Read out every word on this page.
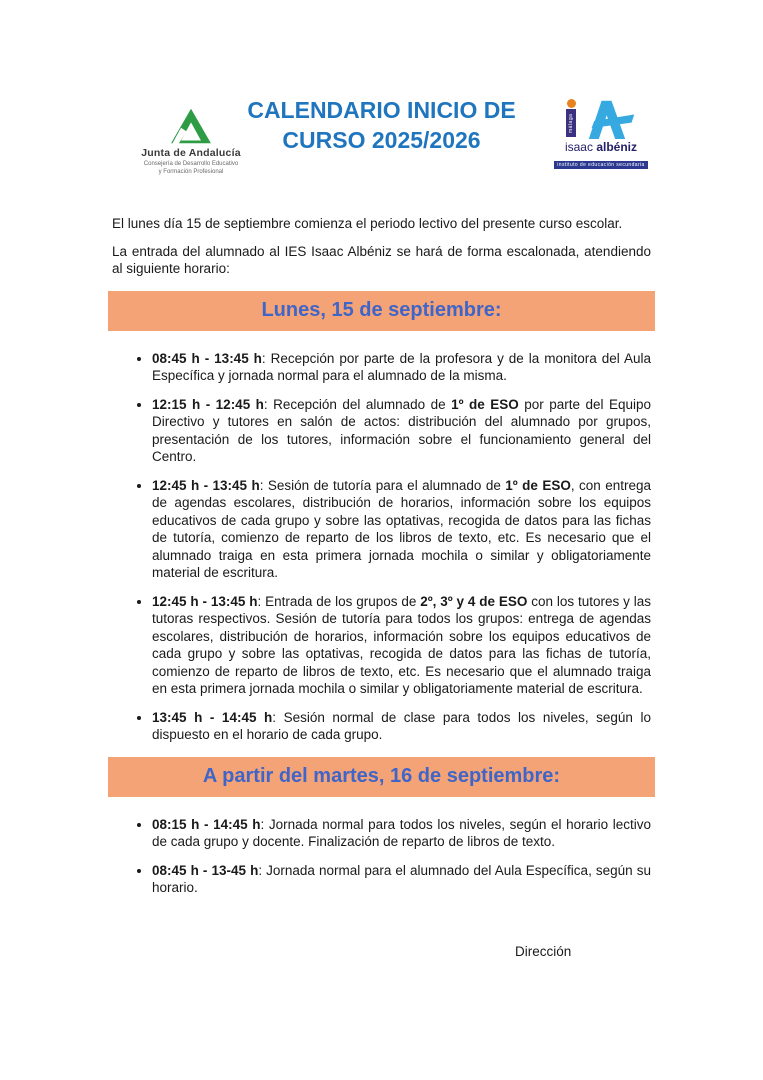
Junta de Andalucía
Consejería de Desarrollo Educativo
y Formación Profesional
CALENDARIO INICIO DE
CURSO 2025/2026
málaga
isaac albéniz
instituto de educación secundaria

El lunes día 15 de septiembre comienza el periodo lectivo del presente curso escolar.

La entrada del alumnado al IES Isaac Albéniz se hará de forma escalonada, atendiendo al siguiente horario:

Lunes, 15 de septiembre:
• 08:45 h - 13:45 h: Recepción por parte de la profesora y de la monitora del Aula Específica y jornada normal para el alumnado de la misma.
• 12:15 h - 12:45 h: Recepción del alumnado de 1º de ESO por parte del Equipo Directivo y tutores en salón de actos: distribución del alumnado por grupos, presentación de los tutores, información sobre el funcionamiento general del Centro.
• 12:45 h - 13:45 h: Sesión de tutoría para el alumnado de 1º de ESO, con entrega de agendas escolares, distribución de horarios, información sobre los equipos educativos de cada grupo y sobre las optativas, recogida de datos para las fichas de tutoría, comienzo de reparto de los libros de texto, etc. Es necesario que el alumnado traiga en esta primera jornada mochila o similar y obligatoriamente material de escritura.
• 12:45 h - 13:45 h: Entrada de los grupos de 2º, 3º y 4 de ESO con los tutores y las tutoras respectivos. Sesión de tutoría para todos los grupos: entrega de agendas escolares, distribución de horarios, información sobre los equipos educativos de cada grupo y sobre las optativas, recogida de datos para las fichas de tutoría, comienzo de reparto de libros de texto, etc. Es necesario que el alumnado traiga en esta primera jornada mochila o similar y obligatoriamente material de escritura.
• 13:45 h - 14:45 h: Sesión normal de clase para todos los niveles, según lo dispuesto en el horario de cada grupo.
A partir del martes, 16 de septiembre:
• 08:15 h - 14:45 h: Jornada normal para todos los niveles, según el horario lectivo de cada grupo y docente. Finalización de reparto de libros de texto.
• 08:45 h - 13-45 h: Jornada normal para el alumnado del Aula Específica, según su horario.
Dirección
